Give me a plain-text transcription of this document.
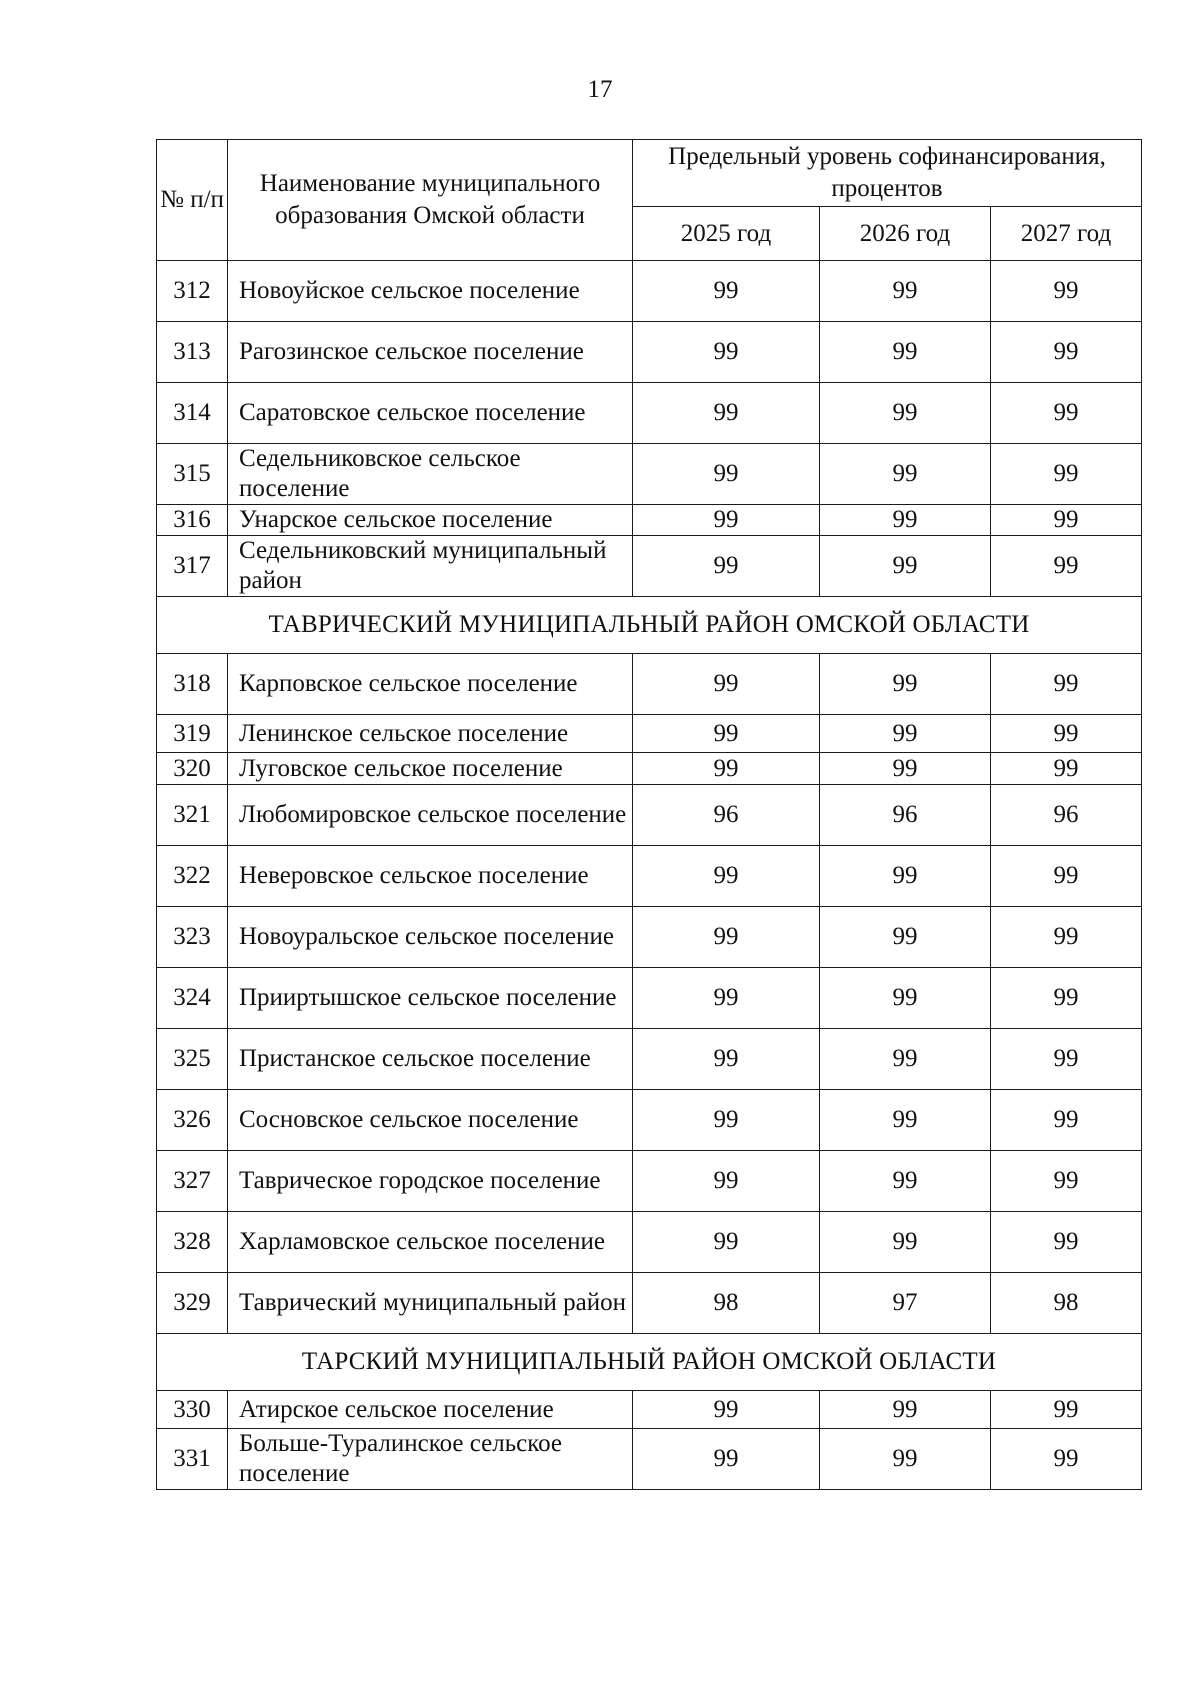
17
№ п/п	Наименование муниципального образования Омской области	Предельный уровень софинансирования, процентов		
		2025 год	2026 год	2027 год
312	Новоуйское сельское поселение	99	99	99
313	Рагозинское сельское поселение	99	99	99
314	Саратовское сельское поселение	99	99	99
315	Седельниковское сельское поселение	99	99	99
316	Унарское сельское поселение	99	99	99
317	Седельниковский муниципальный район	99	99	99
ТАВРИЧЕСКИЙ МУНИЦИПАЛЬНЫЙ РАЙОН ОМСКОЙ ОБЛАСТИ				
318	Карповское сельское поселение	99	99	99
319	Ленинское сельское поселение	99	99	99
320	Луговское сельское поселение	99	99	99
321	Любомировское сельское поселение	96	96	96
322	Неверовское сельское поселение	99	99	99
323	Новоуральское сельское поселение	99	99	99
324	Прииртышское сельское поселение	99	99	99
325	Пристанское сельское поселение	99	99	99
326	Сосновское сельское поселение	99	99	99
327	Таврическое городское поселение	99	99	99
328	Харламовское сельское поселение	99	99	99
329	Таврический муниципальный район	98	97	98
ТАРСКИЙ МУНИЦИПАЛЬНЫЙ РАЙОН ОМСКОЙ ОБЛАСТИ				
330	Атирское сельское поселение	99	99	99
331	Больше-Туралинское сельское поселение	99	99	99
